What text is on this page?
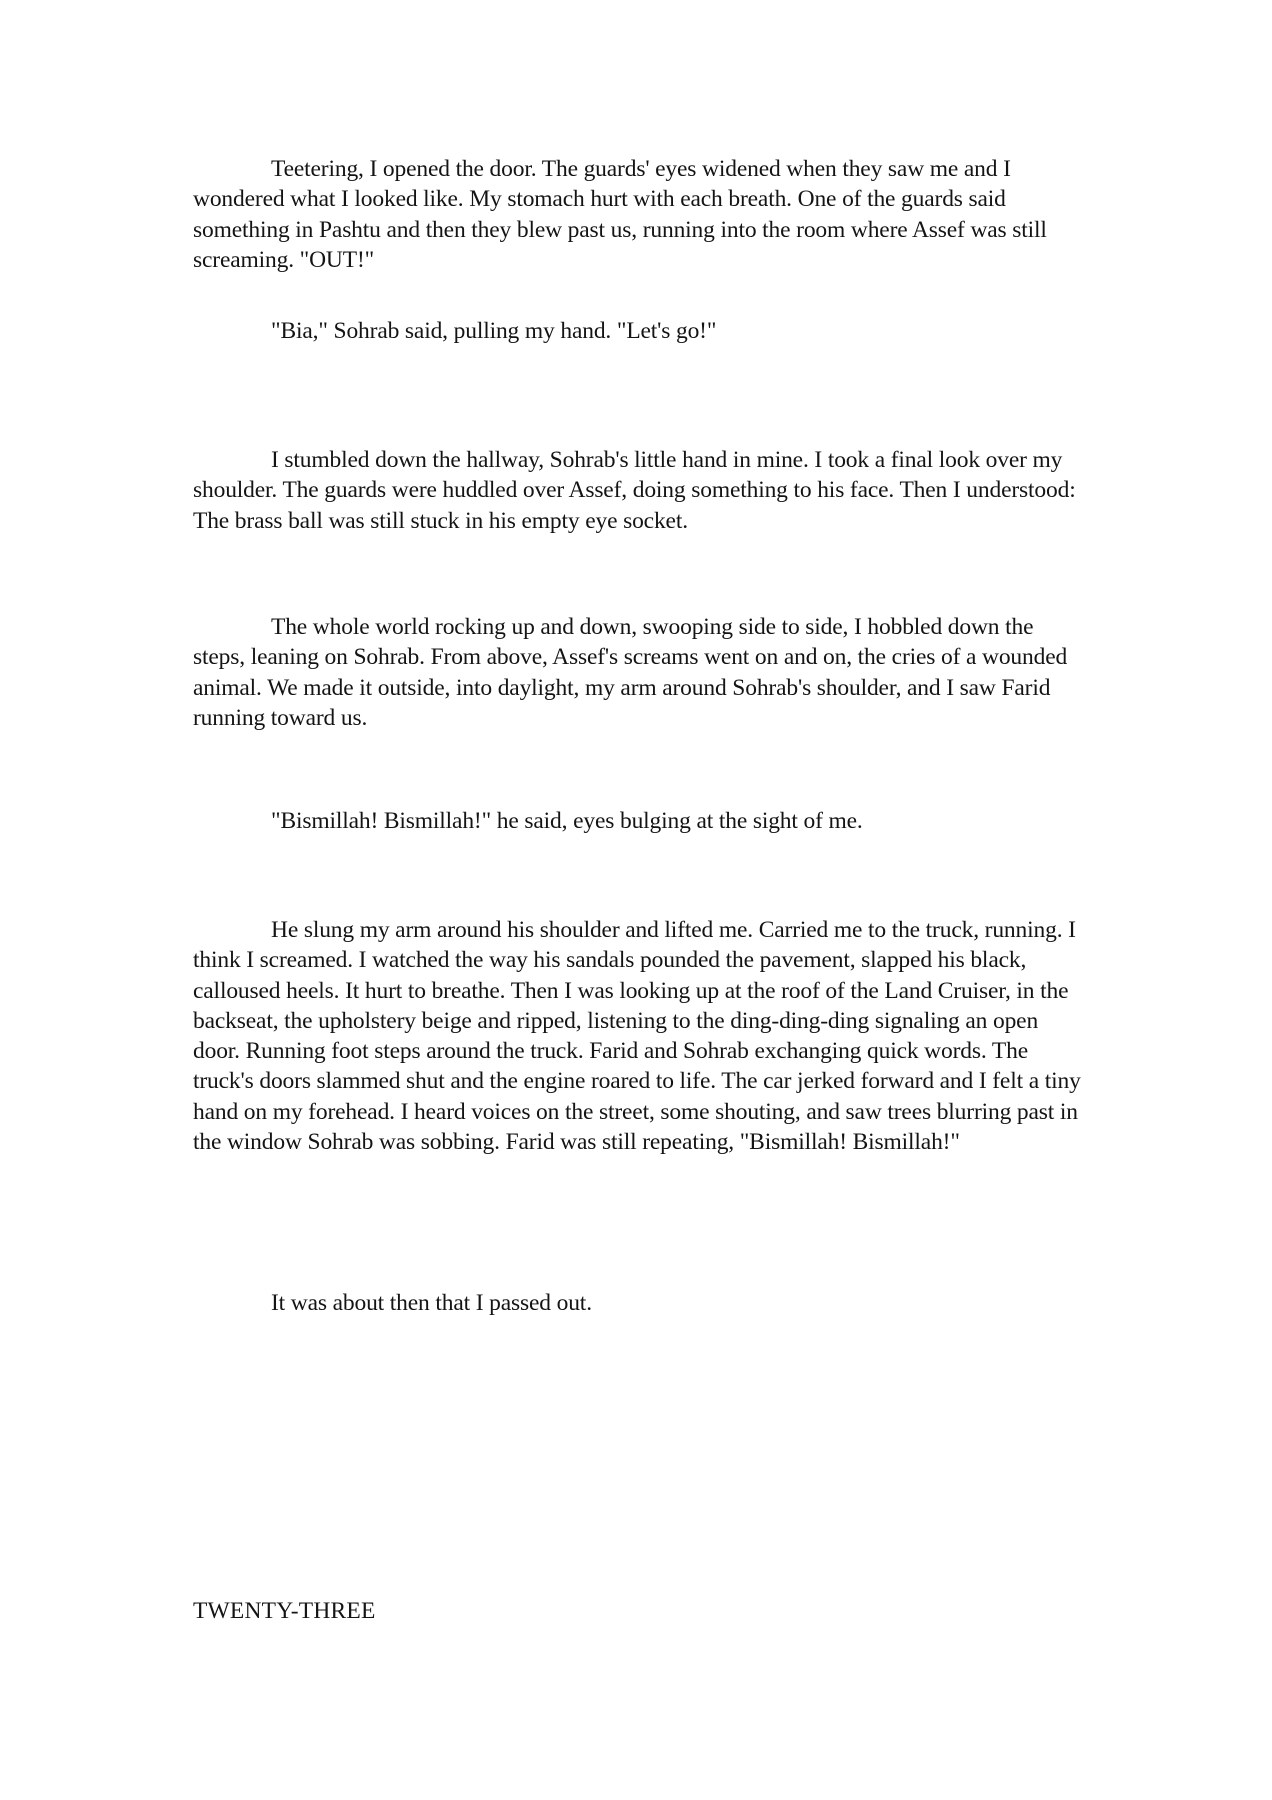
Teetering, I opened the door. The guards' eyes widened when they saw me and I wondered what I looked like. My stomach hurt with each breath. One of the guards said something in Pashtu and then they blew past us, running into the room where Assef was still screaming. "OUT!"

"Bia," Sohrab said, pulling my hand. "Let's go!"

I stumbled down the hallway, Sohrab's little hand in mine. I took a final look over my shoulder. The guards were huddled over Assef, doing something to his face. Then I understood: The brass ball was still stuck in his empty eye socket.

The whole world rocking up and down, swooping side to side, I hobbled down the steps, leaning on Sohrab. From above, Assef's screams went on and on, the cries of a wounded animal. We made it outside, into daylight, my arm around Sohrab's shoulder, and I saw Farid running toward us.

"Bismillah! Bismillah!" he said, eyes bulging at the sight of me.

He slung my arm around his shoulder and lifted me. Carried me to the truck, running. I think I screamed. I watched the way his sandals pounded the pavement, slapped his black, calloused heels. It hurt to breathe. Then I was looking up at the roof of the Land Cruiser, in the backseat, the upholstery beige and ripped, listening to the ding-ding-ding signaling an open door. Running foot steps around the truck. Farid and Sohrab exchanging quick words. The truck's doors slammed shut and the engine roared to life. The car jerked forward and I felt a tiny hand on my forehead. I heard voices on the street, some shouting, and saw trees blurring past in the window Sohrab was sobbing. Farid was still repeating, "Bismillah! Bismillah!"

It was about then that I passed out.

TWENTY-THREE
